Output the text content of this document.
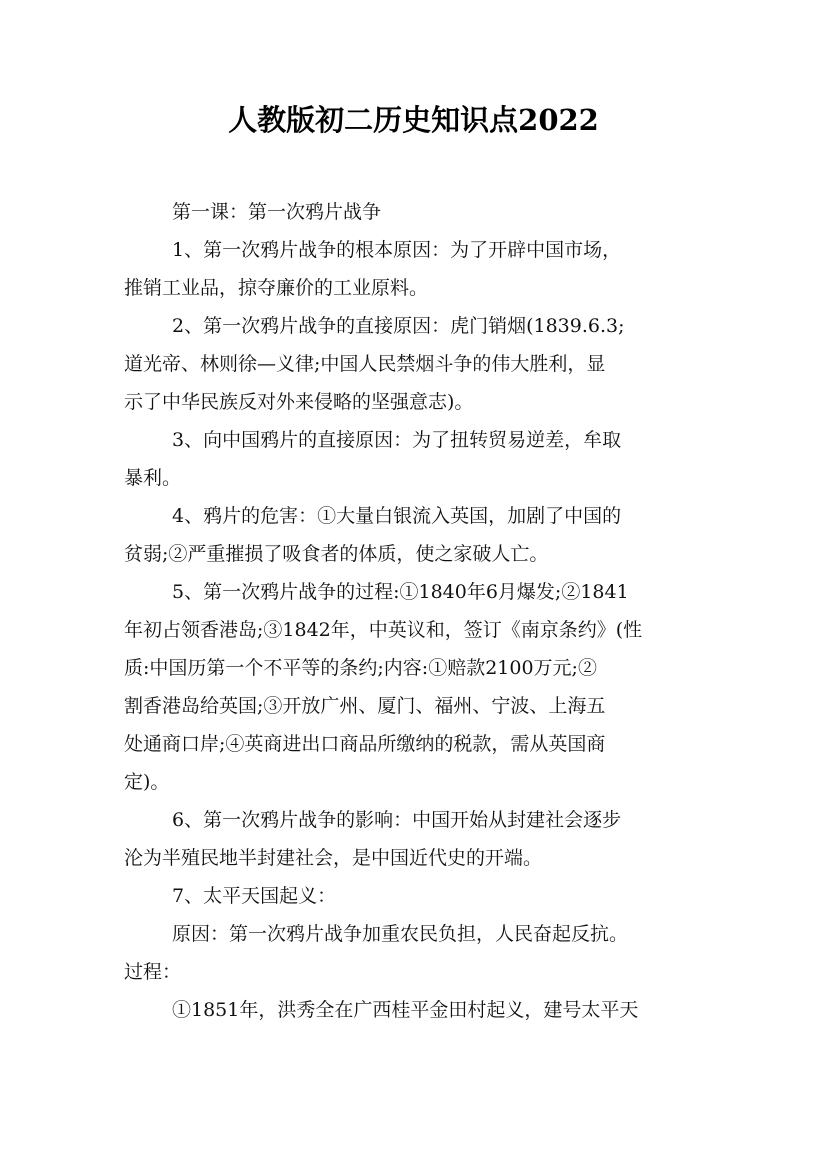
人教版初二历史知识点2022
第一课：第一次鸦片战争
1、第一次鸦片战争的根本原因：为了开辟中国市场，
推销工业品，掠夺廉价的工业原料。
2、第一次鸦片战争的直接原因：虎门销烟(1839.6.3;
道光帝、林则徐—义律;中国人民禁烟斗争的伟大胜利，显
示了中华民族反对外来侵略的坚强意志)。
3、向中国鸦片的直接原因：为了扭转贸易逆差，牟取
暴利。
4、鸦片的危害：①大量白银流入英国，加剧了中国的
贫弱;②严重摧损了吸食者的体质，使之家破人亡。
5、第一次鸦片战争的过程:①1840年6月爆发;②1841
年初占领香港岛;③1842年，中英议和，签订《南京条约》(性
质:中国历第一个不平等的条约;内容:①赔款2100万元;②
割香港岛给英国;③开放广州、厦门、福州、宁波、上海五
处通商口岸;④英商进出口商品所缴纳的税款，需从英国商
定)。
6、第一次鸦片战争的影响：中国开始从封建社会逐步
沦为半殖民地半封建社会，是中国近代史的开端。
7、太平天国起义：
原因：第一次鸦片战争加重农民负担，人民奋起反抗。
过程：
①1851年，洪秀全在广西桂平金田村起义，建号太平天
